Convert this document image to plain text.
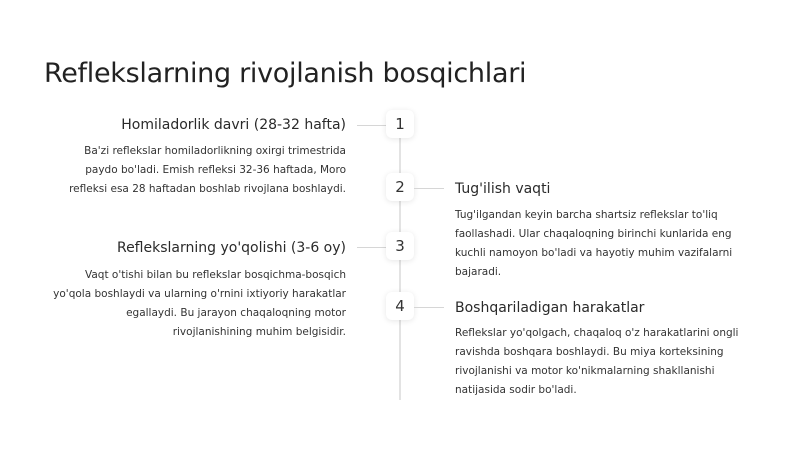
Reflekslarning rivojlanish bosqichlari
1
Homiladorlik davri (28-32 hafta)
Ba'zi reflekslar homiladorlikning oxirgi trimestrida paydo bo'ladi. Emish refleksi 32-36 haftada, Moro refleksi esa 28 haftadan boshlab rivojlana boshlaydi.	2	Tug'ilish vaqti
Tug'ilgandan keyin barcha shartsiz reflekslar to'liq faollashadi. Ular chaqaloqning birinchi kunlarida eng kuchli namoyon bo'ladi va hayotiy muhim vazifalarni bajaradi.
3
Reflekslarning yo'qolishi (3-6 oy)
Vaqt o'tishi bilan bu reflekslar bosqichma-bosqich yo'qola boshlaydi va ularning o'rnini ixtiyoriy harakatlar egallaydi. Bu jarayon chaqaloqning motor rivojlanishining muhim belgisidir.
4	Boshqariladigan harakatlar
Reflekslar yo'qolgach, chaqaloq o'z harakatlarini ongli ravishda boshqara boshlaydi. Bu miya korteksining rivojlanishi va motor ko'nikmalarning shakllanishi natijasida sodir bo'ladi.
